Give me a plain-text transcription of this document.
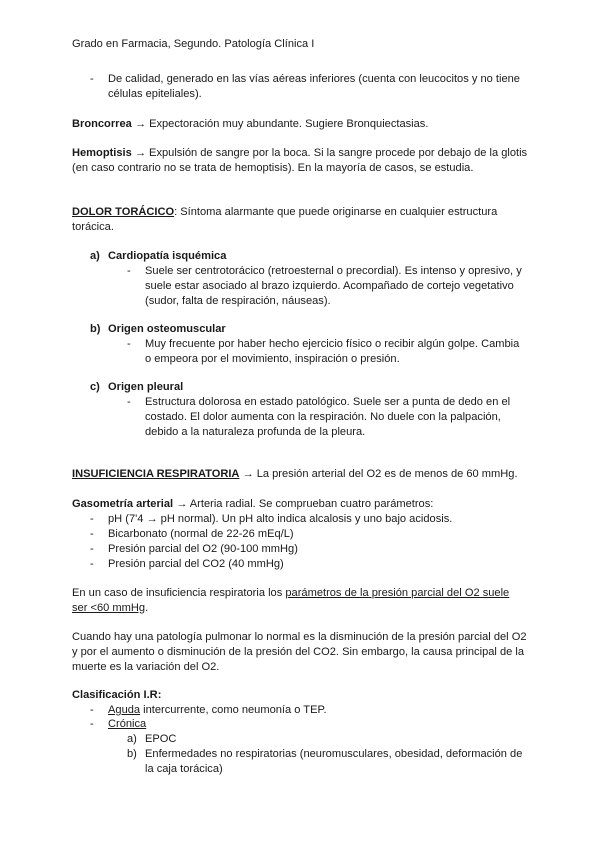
Grado en Farmacia, Segundo. Patología Clínica I
- De calidad, generado en las vías aéreas inferiores (cuenta con leucocitos y no tiene
células epiteliales).
Broncorrea → Expectoración muy abundante. Sugiere Bronquiectasias.
Hemoptisis → Expulsión de sangre por la boca. Si la sangre procede por debajo de la glotis
(en caso contrario no se trata de hemoptisis). En la mayoría de casos, se estudia.
DOLOR TORÁCICO: Síntoma alarmante que puede originarse en cualquier estructura
torácica.
a) Cardiopatía isquémica
- Suele ser centrotorácico (retroesternal o precordial). Es intenso y opresivo, y
suele estar asociado al brazo izquierdo. Acompañado de cortejo vegetativo
(sudor, falta de respiración, náuseas).
b) Origen osteomuscular
- Muy frecuente por haber hecho ejercicio físico o recibir algún golpe. Cambia
o empeora por el movimiento, inspiración o presión.
c) Origen pleural
- Estructura dolorosa en estado patológico. Suele ser a punta de dedo en el
costado. El dolor aumenta con la respiración. No duele con la palpación,
debido a la naturaleza profunda de la pleura.
INSUFICIENCIA RESPIRATORIA → La presión arterial del O2 es de menos de 60 mmHg.
Gasometría arterial → Arteria radial. Se comprueban cuatro parámetros:
- pH (7'4 → pH normal). Un pH alto indica alcalosis y uno bajo acidosis.
- Bicarbonato (normal de 22-26 mEq/L)
- Presión parcial del O2 (90-100 mmHg)
- Presión parcial del CO2 (40 mmHg)
En un caso de insuficiencia respiratoria los parámetros de la presión parcial del O2 suele
ser <60 mmHg.
Cuando hay una patología pulmonar lo normal es la disminución de la presión parcial del O2
y por el aumento o disminución de la presión del CO2. Sin embargo, la causa principal de la
muerte es la variación del O2.
Clasificación I.R:
- Aguda intercurrente, como neumonía o TEP.
- Crónica
a) EPOC
b) Enfermedades no respiratorias (neuromusculares, obesidad, deformación de
la caja torácica)
